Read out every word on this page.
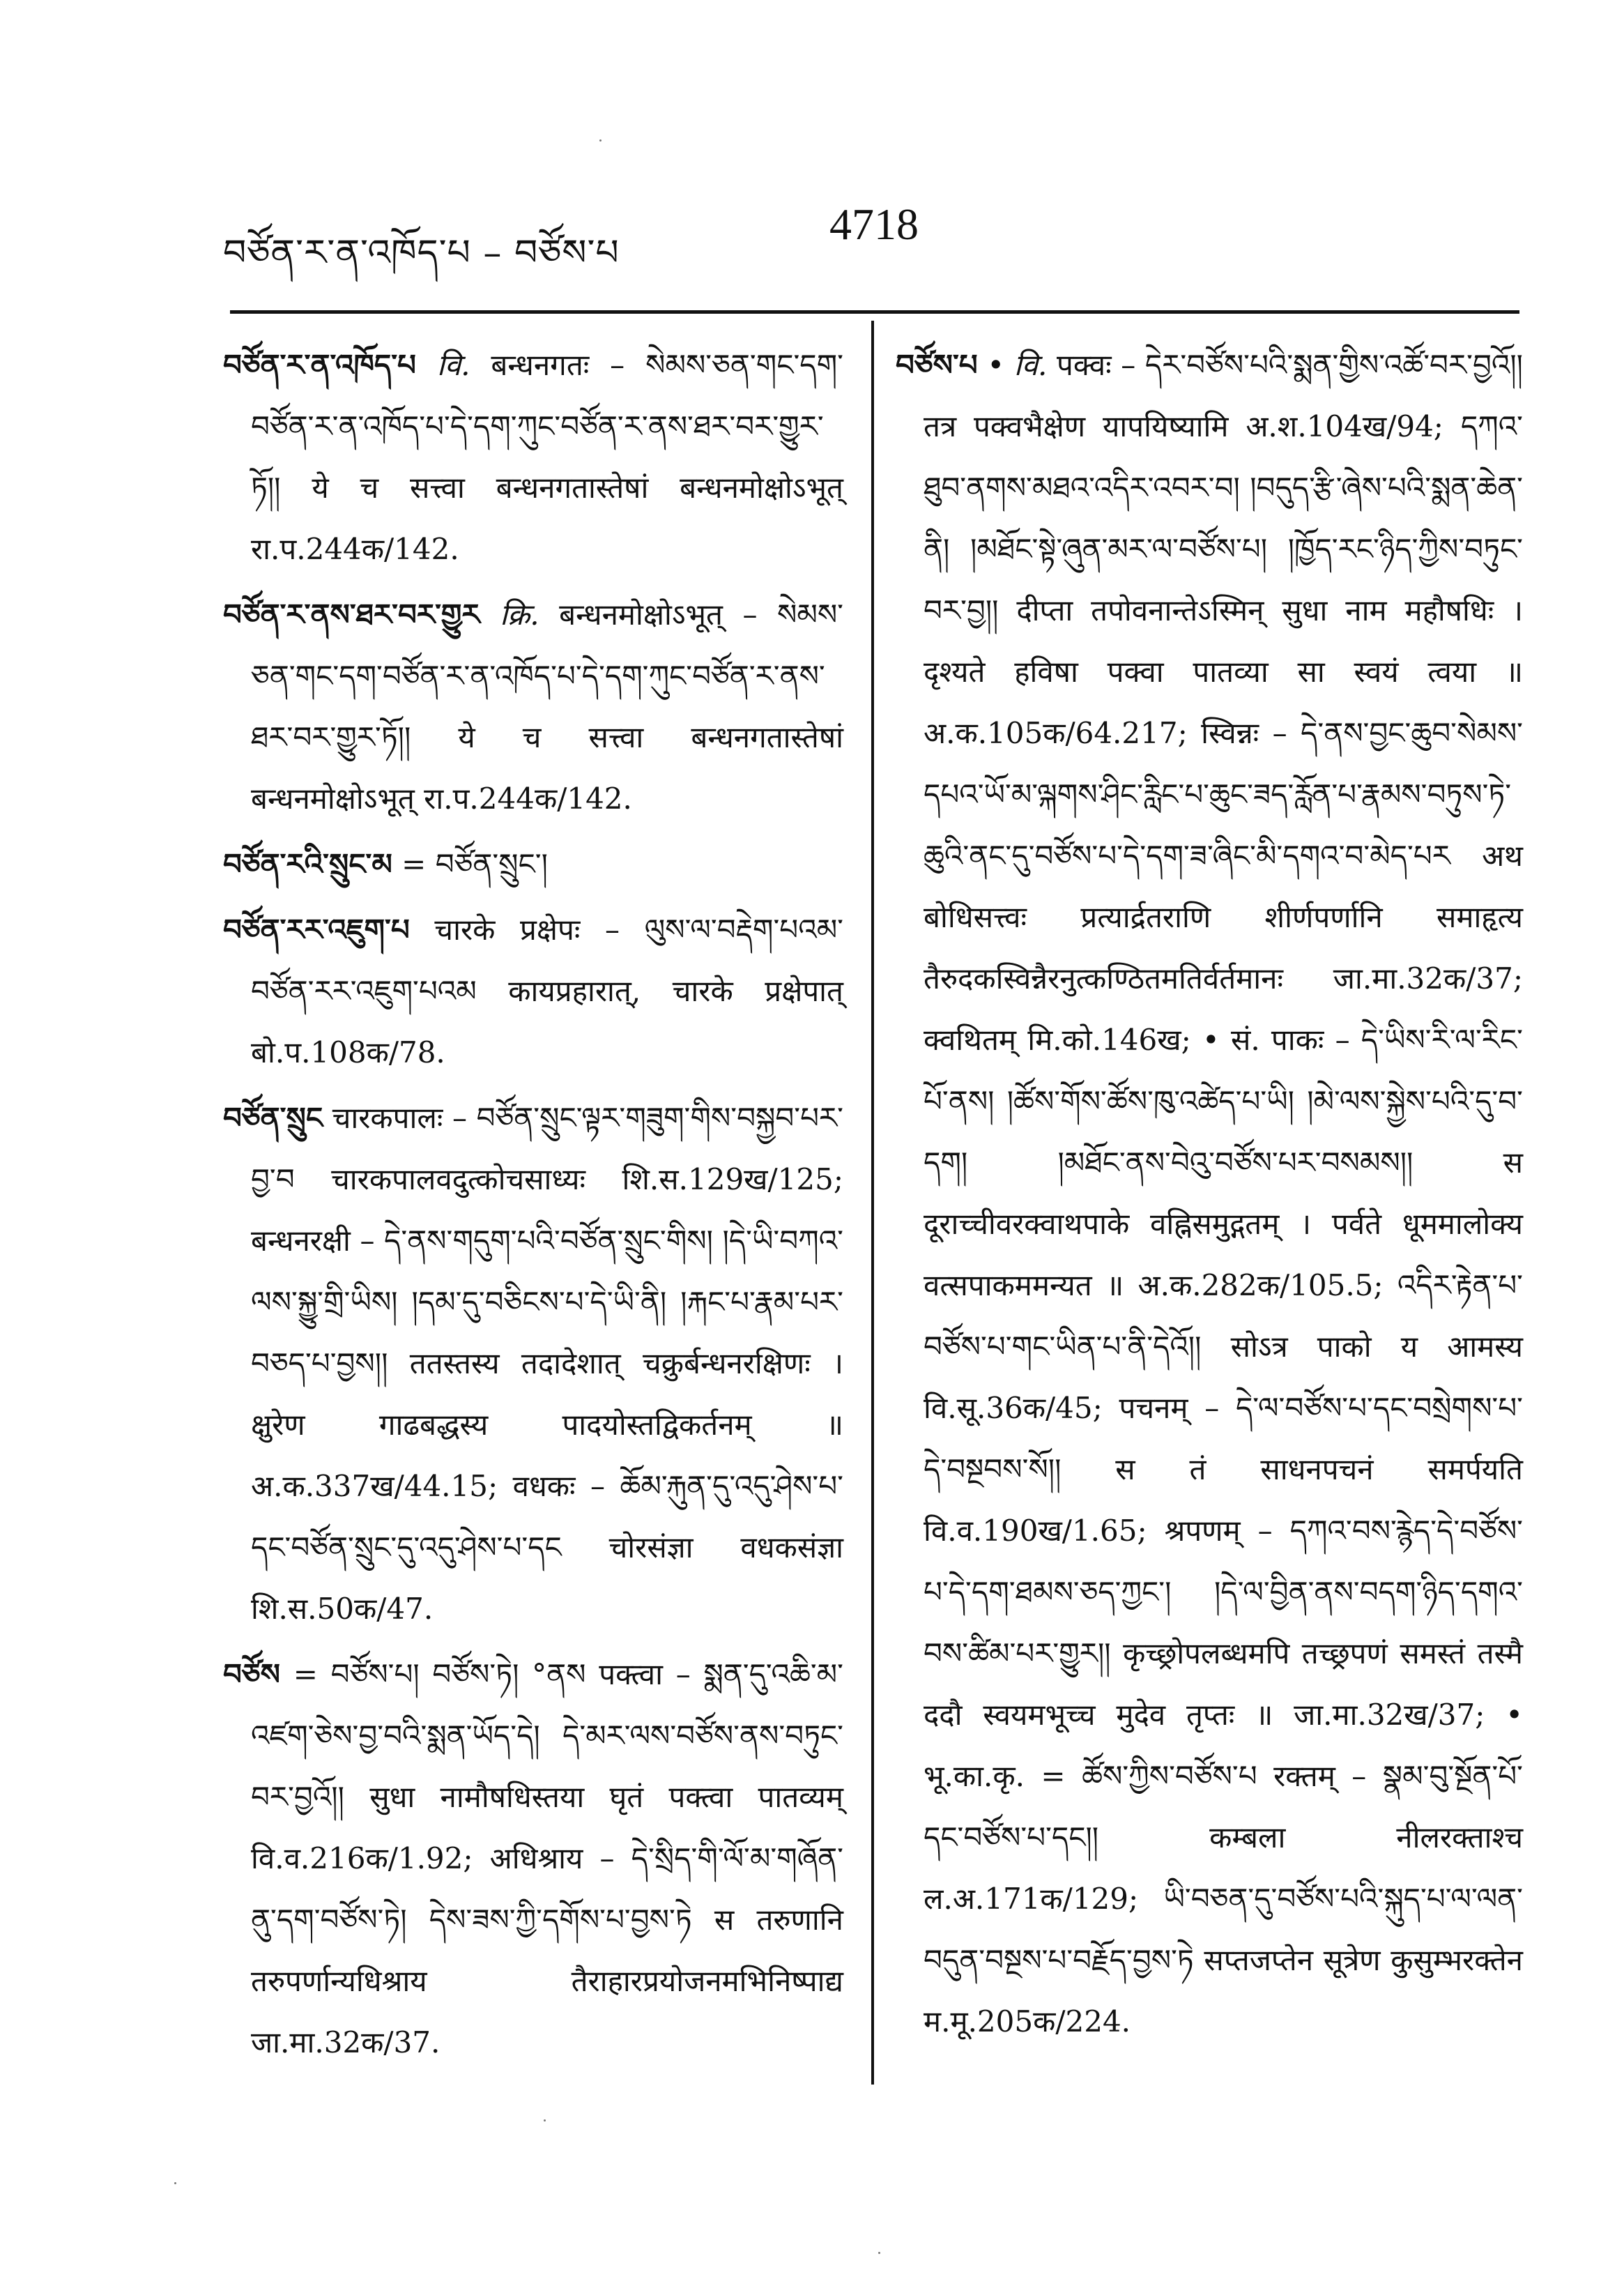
བཙོན་ར་ན་འཁོད་པ – བཙོས་པ
4718
བཙོན་ར་ན་འཁོད་པ वि. बन्धनगतः – སེམས་ཅན་གང་དག་བཙོན་ར་ན་འཁོད་པ་དེ་དག་ཀུང་བཙོན་ར་ནས་ཐར་བར་གྱུར་ཏོ།། ये च सत्त्वा बन्धनगतास्तेषां बन्धनमोक्षोऽभूत् रा.प.244क/142.
བཙོན་ར་ནས་ཐར་བར་གྱུར क्रि. बन्धनमोक्षोऽभूत् – སེམས་ཅན་གང་དག་བཙོན་ར་ན་འཁོད་པ་དེ་དག་ཀུང་བཙོན་ར་ནས་ཐར་བར་གྱུར་ཏོ།། ये च सत्त्वा बन्धनगतास्तेषां बन्धनमोक्षोऽभूत् रा.प.244क/142.
བཙོན་རའི་སྲུང་མ = བཙོན་སྲུང་།
བཙོན་རར་འཇུག་པ चारके प्रक्षेपः – ལུས་ལ་བརྡེག་པའམ་བཙོན་རར་འཇུག་པའམ कायप्रहारात्, चारके प्रक्षेपात् बो.प.108क/78.
བཙོན་སྲུང चारकपालः – བཙོན་སྲུང་ལྟར་གཟུག་གིས་བསྐྱབ་པར་བྱ་བ चारकपालवदुत्कोचसाध्यः शि.स.129ख/125; बन्धनरक्षी – དེ་ནས་གདུག་པའི་བཙོན་སྲུང་གིས། །དེ་ཡི་བཀའ་ལས་སྐྱུ་གྲི་ཡིས། །དམ་དུ་བཅིངས་པ་དེ་ཡི་ནི། །རྐང་པ་རྣམ་པར་བཅད་པ་བྱས།། ततस्तस्य तदादेशात् चक्रुर्बन्धनरक्षिणः । क्षुरेण गाढबद्धस्य पादयोस्तद्विकर्तनम् ॥ अ.क.337ख/44.15; वधकः – ཆོམ་རྐུན་དུ་འདུ་ཤེས་པ་དང་བཙོན་སྲུང་དུ་འདུ་ཤེས་པ་དང चोरसंज्ञा वधकसंज्ञा शि.स.50क/47.
བཙོས = བཙོས་པ། བཙོས་ཏེ། °ནས पक्त्वा – སྨན་དུ་འཆི་མ་འཛག་ཅེས་བྱ་བའི་སྨན་ཡོད་དེ། དེ་མར་ལས་བཙོས་ནས་བཏུང་བར་བྱའོ།། सुधा नामौषधिस्तया घृतं पक्त्वा पातव्यम् वि.व.216क/1.92; अधिश्राय – དེ་སྲིད་གི་ལོ་མ་གཞོན་ནུ་དག་བཙོས་ཏེ། དེས་ཟས་ཀྱི་དགོས་པ་བྱས་ཏེ स तरुणानि तरुपर्णान्यधिश्राय तैराहारप्रयोजनमभिनिष्पाद्य जा.मा.32क/37.
བཙོས་པ • वि. पक्वः – དེར་བཙོས་པའི་སྨན་གྱིས་འཚོ་བར་བྱའོ།། तत्र पक्वभैक्षेण यापयिष्यामि अ.श.104ख/94; དཀའ་ཐུབ་ནགས་མཐའ་འདིར་འབར་བ། །བདུད་རྩི་ཞེས་པའི་སྨན་ཆེན་ནི། །མཐོང་སྟེ་ཞུན་མར་ལ་བཙོས་པ། །ཁྱོད་རང་ཉིད་ཀྱིས་བཏུང་བར་བྱ།། दीप्ता तपोवनान्तेऽस्मिन् सुधा नाम महौषधिः । दृश्यते हविषा पक्वा पातव्या सा स्वयं त्वया ॥ अ.क.105क/64.217; स्विन्नः – དེ་ནས་བྱང་ཆུབ་སེམས་དཔའ་ཡོ་མ་ལྐགས་ཤིང་རླིང་པ་ཆུང་ཟད་རློན་པ་རྣམས་བཏུས་ཏེ་ཆུའི་ནང་དུ་བཙོས་པ་དེ་དག་ཟ་ཞིང་མི་དགའ་བ་མེད་པར अथ बोधिसत्त्वः प्रत्यार्द्रतराणि शीर्णपर्णानि समाहृत्य तैरुदकस्विन्नैरनुत्कण्ठितमतिर्वर्तमानः जा.मा.32क/37; क्वथितम् मि.को.146ख; • सं. पाकः – དེ་ཡིས་རི་ལ་རིང་པོ་ནས། །ཚོས་གོས་ཚོས་ཁུ་འཚེད་པ་ཡི། །མེ་ལས་སྐྱེས་པའི་དུ་བ་དག། །མཐོང་ནས་བེའུ་བཙོས་པར་བསམས།། स दूराच्चीवरक्वाथपाके वह्निसमुद्गतम् । पर्वते धूममालोक्य वत्सपाकममन्यत ॥ अ.क.282क/105.5; འདིར་རྟེན་པ་བཙོས་པ་གང་ཡིན་པ་ནི་དེའོ།། सोऽत्र पाको य आमस्य वि.सू.36क/45; पचनम् – དེ་ལ་བཙོས་པ་དང་བསྲེགས་པ་དེ་བསྔབས་སོ།། स तं साधनपचनं समर्पयति वि.व.190ख/1.65; श्रपणम् – དཀའ་བས་རྙེད་དེ་བཙོས་པ་དེ་དག་ཐམས་ཅད་ཀྱང་། །དེ་ལ་བྱིན་ནས་བདག་ཉིད་དགའ་བས་ཚིམ་པར་གྱུར།། कृच्छ्रोपलब्धमपि तच्छ्रपणं समस्तं तस्मै ददौ स्वयमभूच्च मुदेव तृप्तः ॥ जा.मा.32ख/37; • भू.का.कृ. = ཚོས་ཀྱིས་བཙོས་པ रक्तम् – སྣམ་བུ་སྔོན་པོ་དང་བཙོས་པ་དང།། कम्बला नीलरक्ताश्च ल.अ.171क/129; ཡི་བཅན་དུ་བཙོས་པའི་སྐུད་པ་ལ་ལན་བདུན་བསྔས་པ་བརྗོད་བྱས་ཏེ सप्तजप्तेन सूत्रेण कुसुम्भरक्तेन म.मू.205क/224.
